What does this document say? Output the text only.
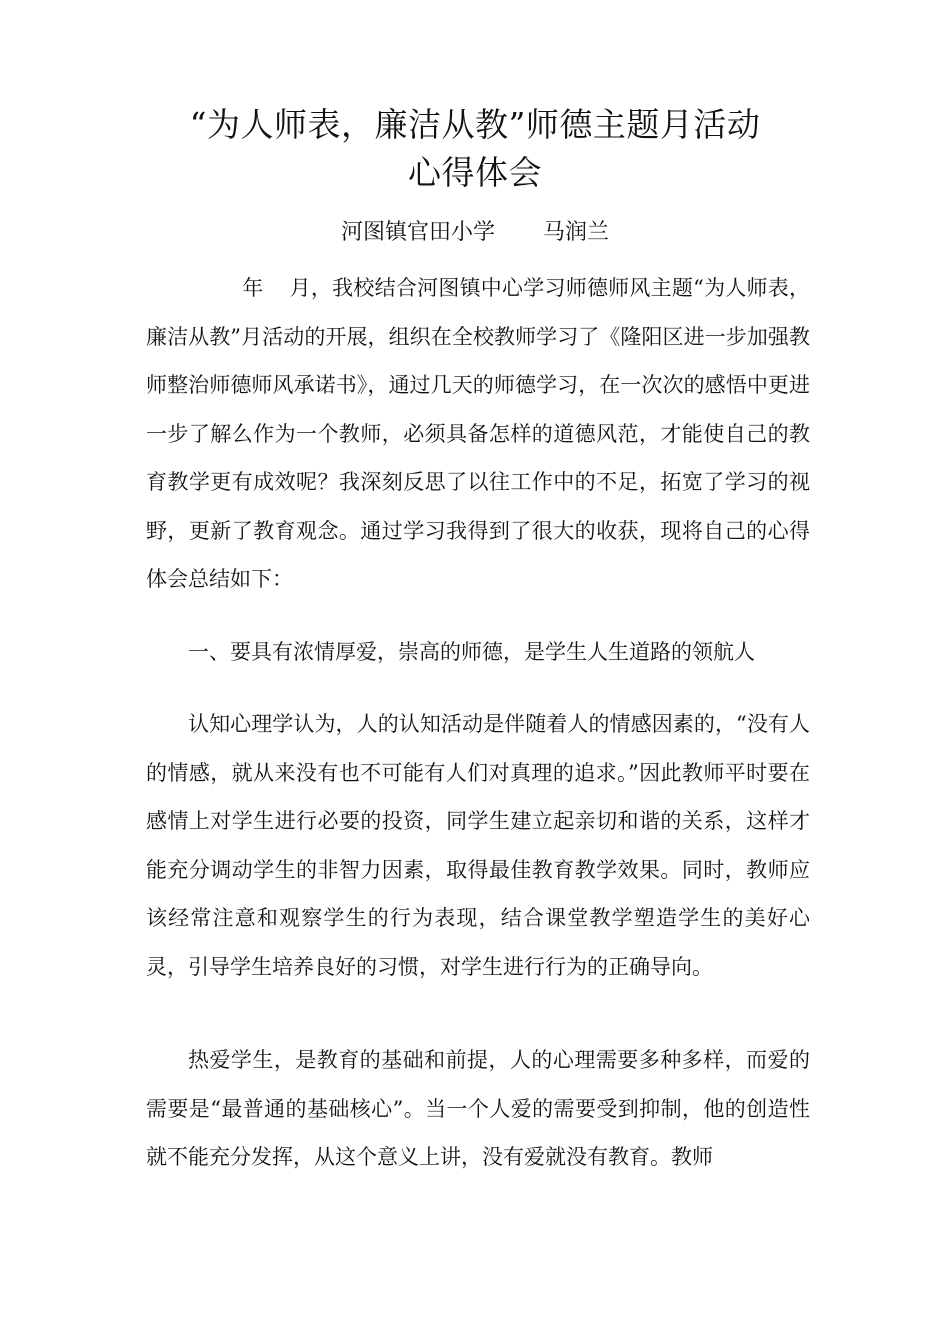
“为人师表，廉洁从教”师德主题月活动
心得体会
河图镇官田小学 马润兰
年 月，我校结合河图镇中心学习师德师风主题“为人师表，廉洁从教”月活动的开展，组织在全校教师学习了《隆阳区进一步加强教师整治师德师风承诺书》，通过几天的师德学习，在一次次的感悟中更进一步了解么作为一个教师，必须具备怎样的道德风范，才能使自己的教育教学更有成效呢？我深刻反思了以往工作中的不足，拓宽了学习的视野，更新了教育观念。通过学习我得到了很大的收获，现将自己的心得体会总结如下：
一、要具有浓情厚爱，崇高的师德，是学生人生道路的领航人
认知心理学认为，人的认知活动是伴随着人的情感因素的，“没有人的情感，就从来没有也不可能有人们对真理的追求。”因此教师平时要在感情上对学生进行必要的投资，同学生建立起亲切和谐的关系，这样才能充分调动学生的非智力因素，取得最佳教育教学效果。同时，教师应该经常注意和观察学生的行为表现，结合课堂教学塑造学生的美好心灵，引导学生培养良好的习惯，对学生进行行为的正确导向。
热爱学生，是教育的基础和前提，人的心理需要多种多样，而爱的需要是“最普通的基础核心”。当一个人爱的需要受到抑制，他的创造性就不能充分发挥，从这个意义上讲，没有爱就没有教育。教师
